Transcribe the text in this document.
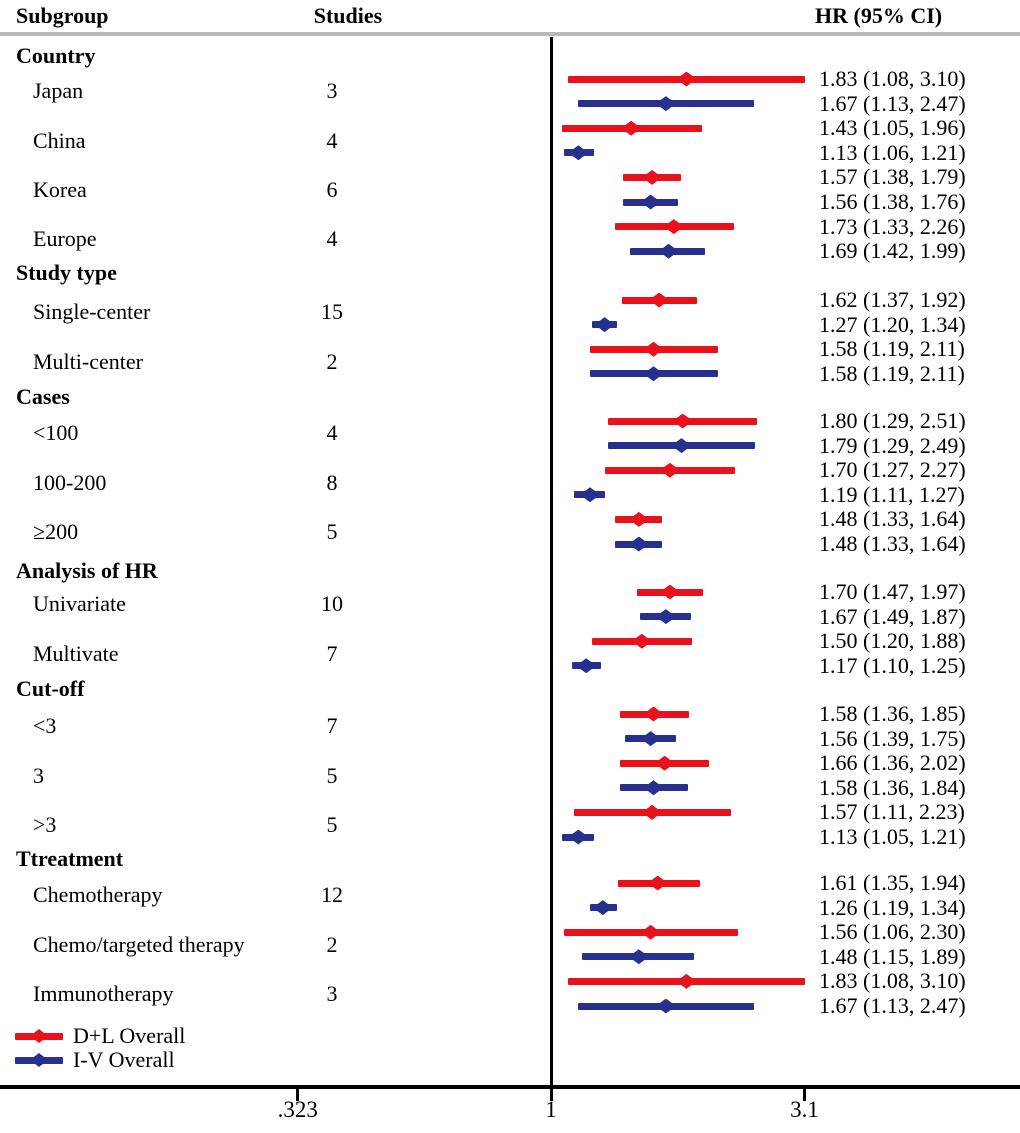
Subgroup	Studies	HR (95% CI)
Country
Japan	3	1.83 (1.08, 3.10)
1.67 (1.13, 2.47)
China	4	1.43 (1.05, 1.96)
1.13 (1.06, 1.21)
Korea	6	1.57 (1.38, 1.79)
1.56 (1.38, 1.76)
Europe	4	1.73 (1.33, 2.26)
1.69 (1.42, 1.99)
Study type
Single-center	15	1.62 (1.37, 1.92)
1.27 (1.20, 1.34)
Multi-center	2	1.58 (1.19, 2.11)
1.58 (1.19, 2.11)
Cases
<100	4	1.80 (1.29, 2.51)
1.79 (1.29, 2.49)
100-200	8	1.70 (1.27, 2.27)
1.19 (1.11, 1.27)
≥200	5	1.48 (1.33, 1.64)
1.48 (1.33, 1.64)
Analysis of HR
Univariate	10	1.70 (1.47, 1.97)
1.67 (1.49, 1.87)
Multivate	7	1.50 (1.20, 1.88)
1.17 (1.10, 1.25)
Cut-off
<3	7	1.58 (1.36, 1.85)
1.56 (1.39, 1.75)
3	5	1.66 (1.36, 2.02)
1.58 (1.36, 1.84)
>3	5	1.57 (1.11, 2.23)
1.13 (1.05, 1.21)
Ttreatment
Chemotherapy	12	1.61 (1.35, 1.94)
1.26 (1.19, 1.34)
Chemo/targeted therapy	2	1.56 (1.06, 2.30)
1.48 (1.15, 1.89)
Immunotherapy	3	1.83 (1.08, 3.10)
1.67 (1.13, 2.47)
.323	1	3.1
D+L Overall
I-V Overall
